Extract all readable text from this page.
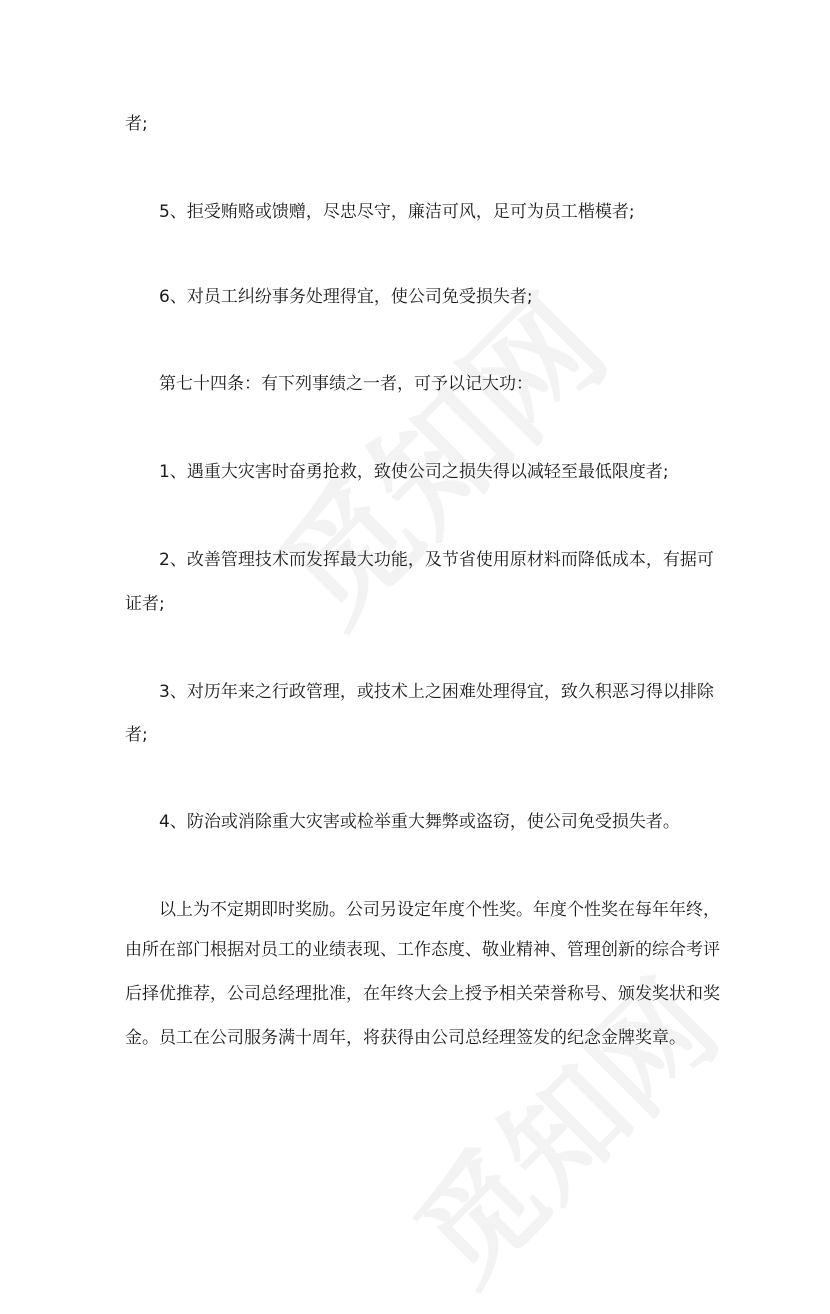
者;

5、拒受贿赂或馈赠，尽忠尽守，廉洁可风，足可为员工楷模者;

6、对员工纠纷事务处理得宜，使公司免受损失者;

第七十四条：有下列事绩之一者，可予以记大功：

1、遇重大灾害时奋勇抢救，致使公司之损失得以减轻至最低限度者;

2、改善管理技术而发挥最大功能，及节省使用原材料而降低成本，有据可

证者;

3、对历年来之行政管理，或技术上之困难处理得宜，致久积恶习得以排除

者;

4、防治或消除重大灾害或检举重大舞弊或盗窃，使公司免受损失者。

以上为不定期即时奖励。公司另设定年度个性奖。年度个性奖在每年年终，

由所在部门根据对员工的业绩表现、工作态度、敬业精神、管理创新的综合考评

后择优推荐，公司总经理批准，在年终大会上授予相关荣誉称号、颁发奖状和奖

金。员工在公司服务满十周年，将获得由公司总经理签发的纪念金牌奖章。
